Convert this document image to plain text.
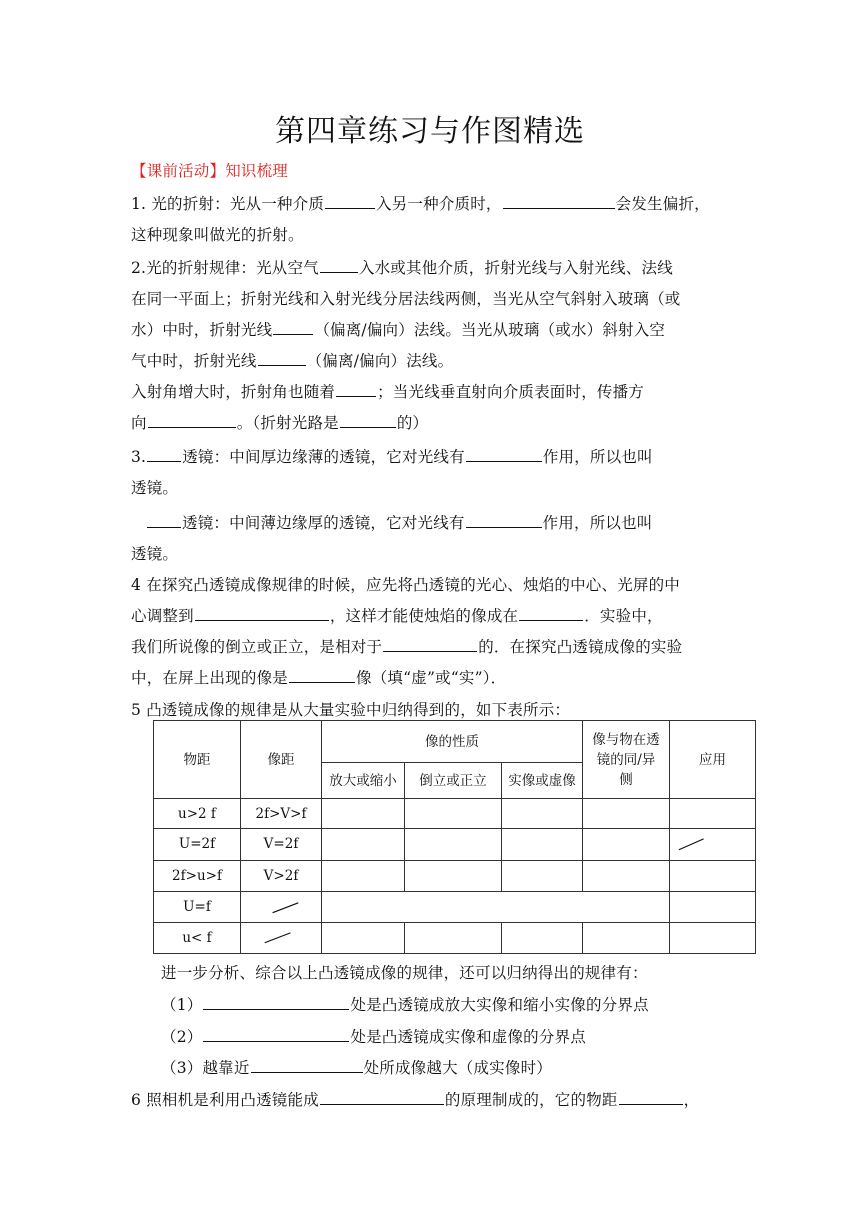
第四章练习与作图精选
【课前活动】知识梳理
1. 光的折射：光从一种介质	入另一种介质时，	会发生偏折，
这种现象叫做光的折射。
2.光的折射规律：光从空气	入水或其他介质，折射光线与入射光线、法线
在同一平面上；折射光线和入射光线分居法线两侧，当光从空气斜射入玻璃（或
水）中时，折射光线	（偏离/偏向）法线。当光从玻璃（或水）斜射入空
气中时，折射光线	（偏离/偏向）法线。
入射角增大时，折射角也随着	；当光线垂直射向介质表面时，传播方
向	。（折射光路是	的）
3. 透镜：中间厚边缘薄的透镜，它对光线有	作用，所以也叫
透镜。
透镜：中间薄边缘厚的透镜，它对光线有	作用，所以也叫
透镜。
4 在探究凸透镜成像规律的时候，应先将凸透镜的光心、烛焰的中心、光屏的中
心调整到	，这样才能使烛焰的像成在	．实验中，
我们所说像的倒立或正立，是相对于	的．在探究凸透镜成像的实验
中，在屏上出现的像是	像（填“虚”或“实”）．
5 凸透镜成像的规律是从大量实验中归纳得到的，如下表所示：
物距	像距	像的性质			像与物在透镜的同/异侧	应用
		放大或缩小	倒立或正立	实像或虚像		
u>2 f	2f>V>f					
U=2f	V=2f					

2f>u>f	V>2f					
U=f	

u< f	

进一步分析、综合以上凸透镜成像的规律，还可以归纳得出的规律有：
（1）	处是凸透镜成放大实像和缩小实像的分界点
（2）	处是凸透镜成实像和虚像的分界点
（3）越靠近	处所成像越大（成实像时）
6 照相机是利用凸透镜能成	的原理制成的，它的物距	，
